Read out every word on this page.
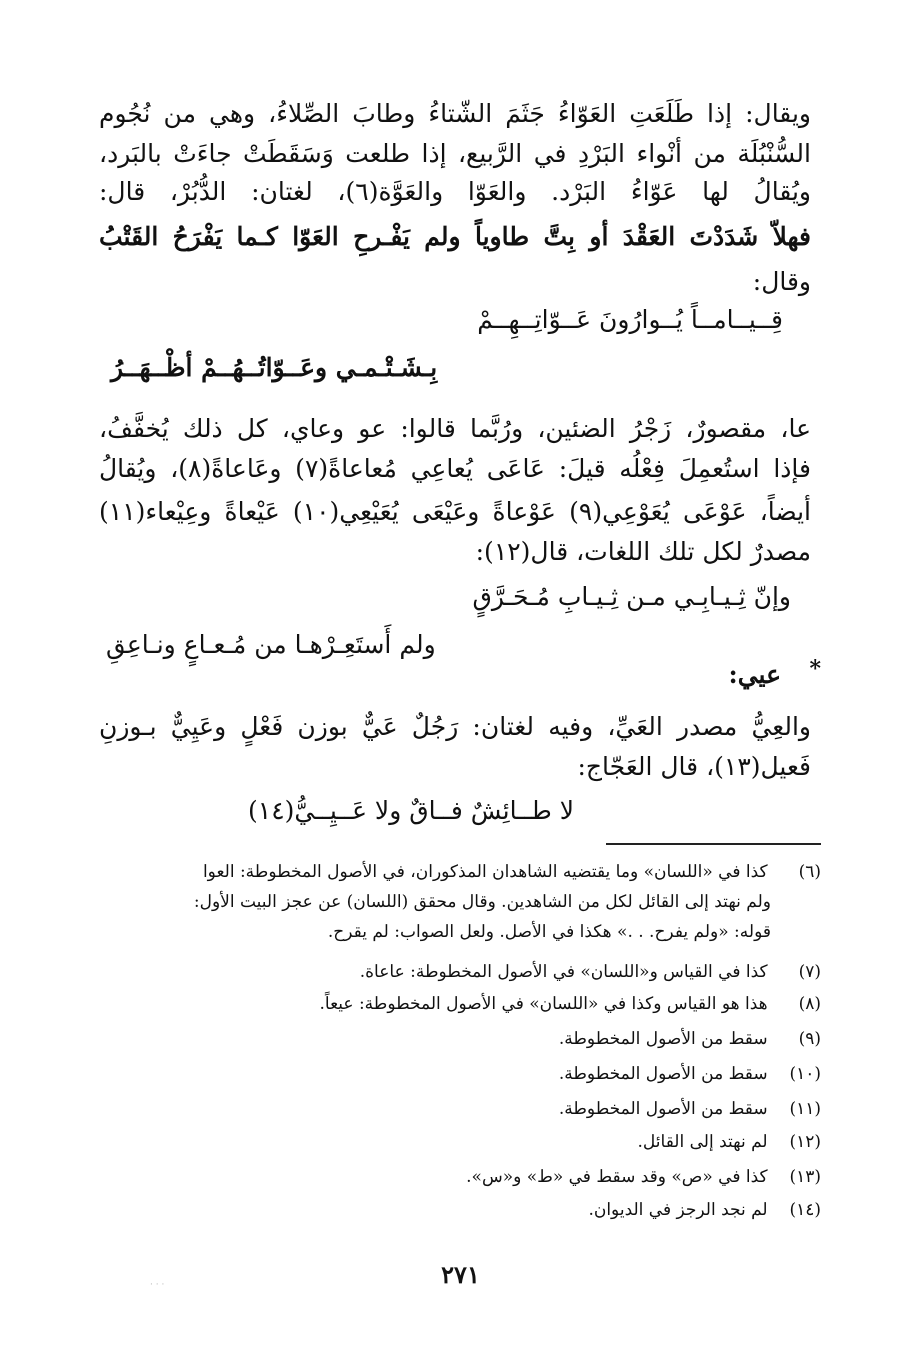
ويقال: إذا طَلَعَتِ العَوّاءُ جَثَمَ الشّتاءُ وطابَ الصِّلاءُ، وهي من نُجُوم
السُّنْبُلَة من أنْواء البَرْدِ في الرَّبيع، إذا طلعت وَسَقَطَتْ جاءَتْ بالبَرد،
ويُقالُ لها عَوّاءُ البَرْد. والعَوّا والعَوَّة(٦)، لغتان: الدُّبُرْ، قال:
فهلاّ شَدَدْتَ العَقْدَ أو بِتَّ طاوياً ولم يَفْـرحِ العَوّا كـما يَفْرَحُ القَتْبُ
وقال:
قِــيــامــاً يُــوارُونَ عَــوّاتِــهِــمْ
بِـشَـتْـمـي وعَــوّاتُــهُــمْ أظْــهَــرُ
عا، مقصورٌ، زَجْرُ الضئين، ورُبَّما قالوا: عو وعاي، كل ذلك يُخفَّفُ،
فإذا استُعمِلَ فِعْلُه قيلَ: عَاعَى يُعاعِي مُعاعاةً(٧) وعَاعاةً(٨)، ويُقالُ
أيضاً، عَوْعَى يُعَوْعِي(٩) عَوْعاةً وعَيْعَى يُعَيْعِي(١٠) عَيْعاةً وعِيْعاء(١١)
مصدرٌ لكل تلك اللغات، قال(١٢):
وإنّ ثِـيـابِـي مـن ثِـيـابِ مُـحَـرَّقٍ
ولم أَستَعِـرْهـا من مُـعـاعٍ ونـاعِقِ
*
عيي:
والعِيُّ مصدر العَيِّ، وفيه لغتان: رَجُلٌ عَيٌّ بوزن فَعْلٍ وعَيِيٌّ بـوزنِ
فَعيل(١٣)، قال العَجّاج:
لا طــائِشٌ فــاقٌ ولا عَــيِــيُّ(١٤)
(٦) كذا في «اللسان» وما يقتضيه الشاهدان المذكوران، في الأصول المخطوطة: العوا
ولم نهتد إلى القائل لكل من الشاهدين. وقال محقق (اللسان) عن عجز البيت الأول:
قوله: «ولم يفرح. . .» هكذا في الأصل. ولعل الصواب: لم يقرح.
(٧) كذا في القياس و«اللسان» في الأصول المخطوطة: عاعاة.
(٨) هذا هو القياس وكذا في «اللسان» في الأصول المخطوطة: عيعاً.
(٩) سقط من الأصول المخطوطة.
(١٠) سقط من الأصول المخطوطة.
(١١) سقط من الأصول المخطوطة.
(١٢) لم نهتد إلى القائل.
(١٣) كذا في «ص» وقد سقط في «ط» و«س».
(١٤) لم نجد الرجز في الديوان.
٢٧١
· · ·
